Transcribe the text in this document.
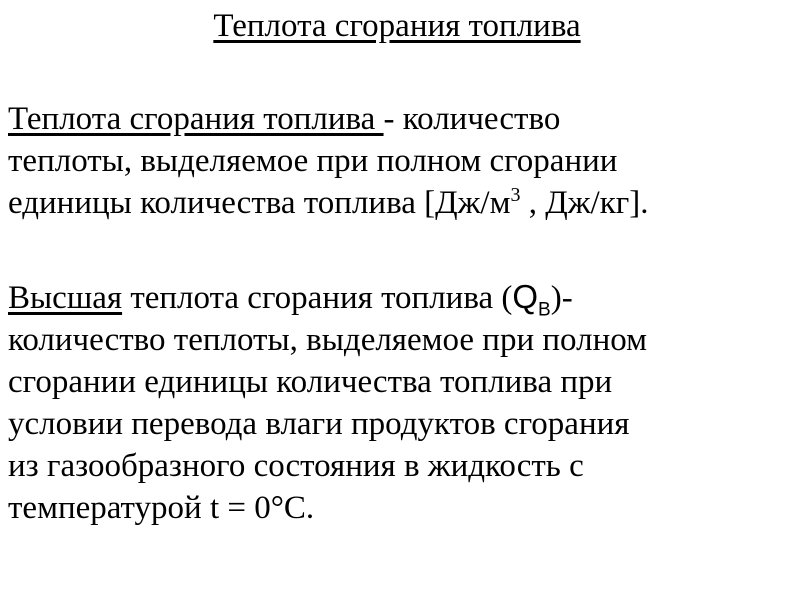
Теплота сгорания топлива
Теплота сгорания топлива - количество
теплоты, выделяемое при полном сгорании
единицы количества топлива [$Дж/м^3$ , Дж/кг].
Высшая теплота сгорания топлива $(Q_B)-$
количество теплоты, выделяемое при полном
сгорании единицы количества топлива при
условии перевода влаги продуктов сгорания
из газообразного состояния в жидкость с
температурой t = 0°С.
